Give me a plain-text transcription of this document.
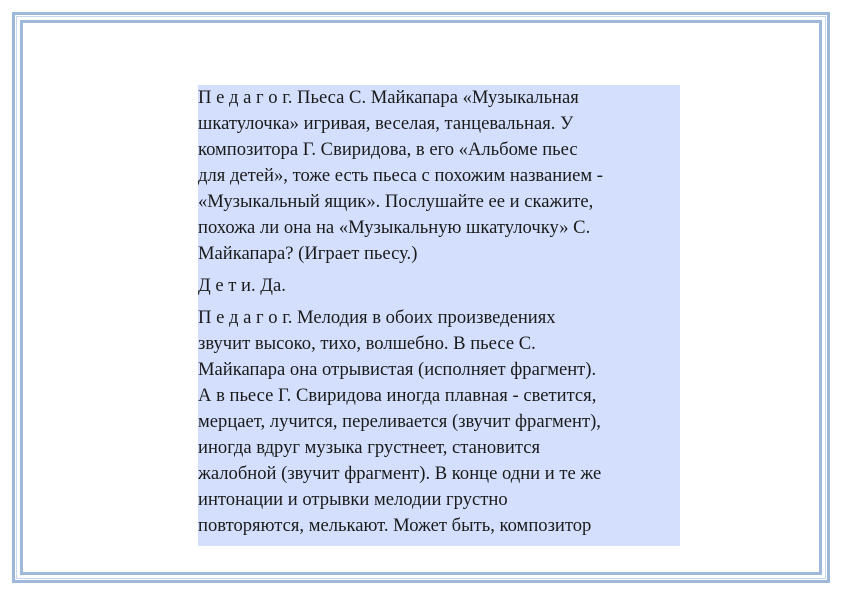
П е д а г о г. Пьеса С. Майкапара «Музыкальная
шкатулочка» игривая, веселая, танцевальная. У
композитора Г. Свиридова, в его «Альбоме пьес
для детей», тоже есть пьеса с похожим названием -
«Музыкальный ящик». Послушайте ее и скажите,
похожа ли она на «Музыкальную шкатулочку» С.
Майкапара? (Играет пьесу.)

Д е т и. Да.

П е д а г о г. Мелодия в обоих произведениях
звучит высоко, тихо, волшебно. В пьесе С.
Майкапара она отрывистая (исполняет фрагмент).
А в пьесе Г. Свиридова иногда плавная - светится,
мерцает, лучится, переливается (звучит фрагмент),
иногда вдруг музыка грустнеет, становится
жалобной (звучит фрагмент). В конце одни и те же
интонации и отрывки мелодии грустно
повторяются, мелькают. Может быть, композитор
